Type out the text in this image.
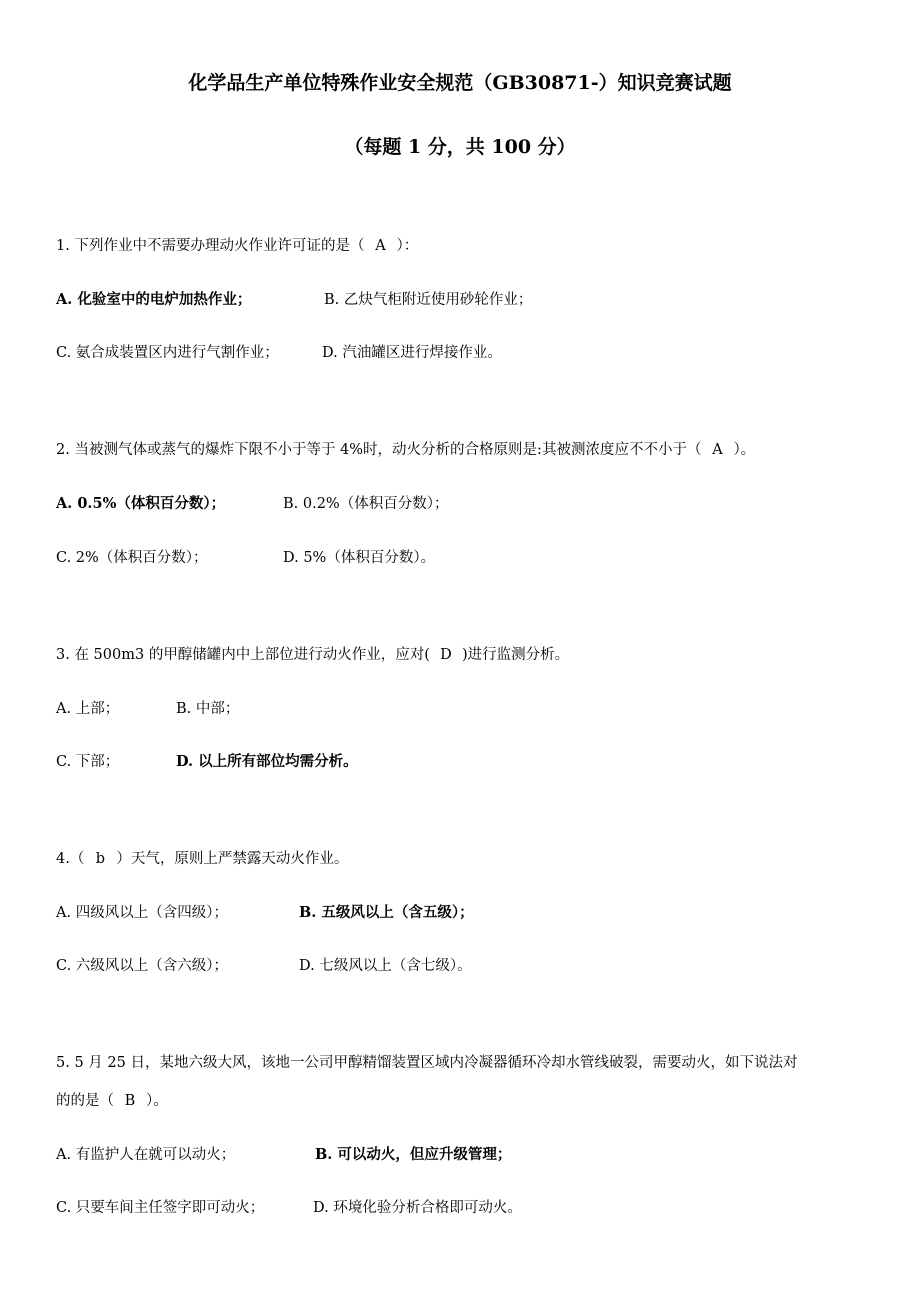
化学品生产单位特殊作业安全规范（GB30871-）知识竞赛试题
（每题 1 分，共 100 分）
1. 下列作业中不需要办理动火作业许可证的是（ A ）：
A. 化验室中的电炉加热作业；	B. 乙炔气柜附近使用砂轮作业；
C. 氨合成装置区内进行气割作业；	D. 汽油罐区进行焊接作业。
2. 当被测气体或蒸气的爆炸下限不小于等于 4%时，动火分析的合格原则是:其被测浓度应不不小于（ A ）。
A. 0.5%（体积百分数）；	B. 0.2%（体积百分数）；
C. 2%（体积百分数）；	D. 5%（体积百分数）。
3. 在 500m3 的甲醇储罐内中上部位进行动火作业，应对( D )进行监测分析。
A. 上部；	B. 中部；
C. 下部；	D. 以上所有部位均需分析。
4.（ b ）天气，原则上严禁露天动火作业。
A. 四级风以上（含四级）；	B. 五级风以上（含五级）；
C. 六级风以上（含六级）；	D. 七级风以上（含七级）。
5. 5 月 25 日，某地六级大风，该地一公司甲醇精馏装置区域内冷凝器循环冷却水管线破裂，需要动火，如下说法对
的的是（ B ）。
A. 有监护人在就可以动火；	B. 可以动火，但应升级管理；
C. 只要车间主任签字即可动火；	D. 环境化验分析合格即可动火。
